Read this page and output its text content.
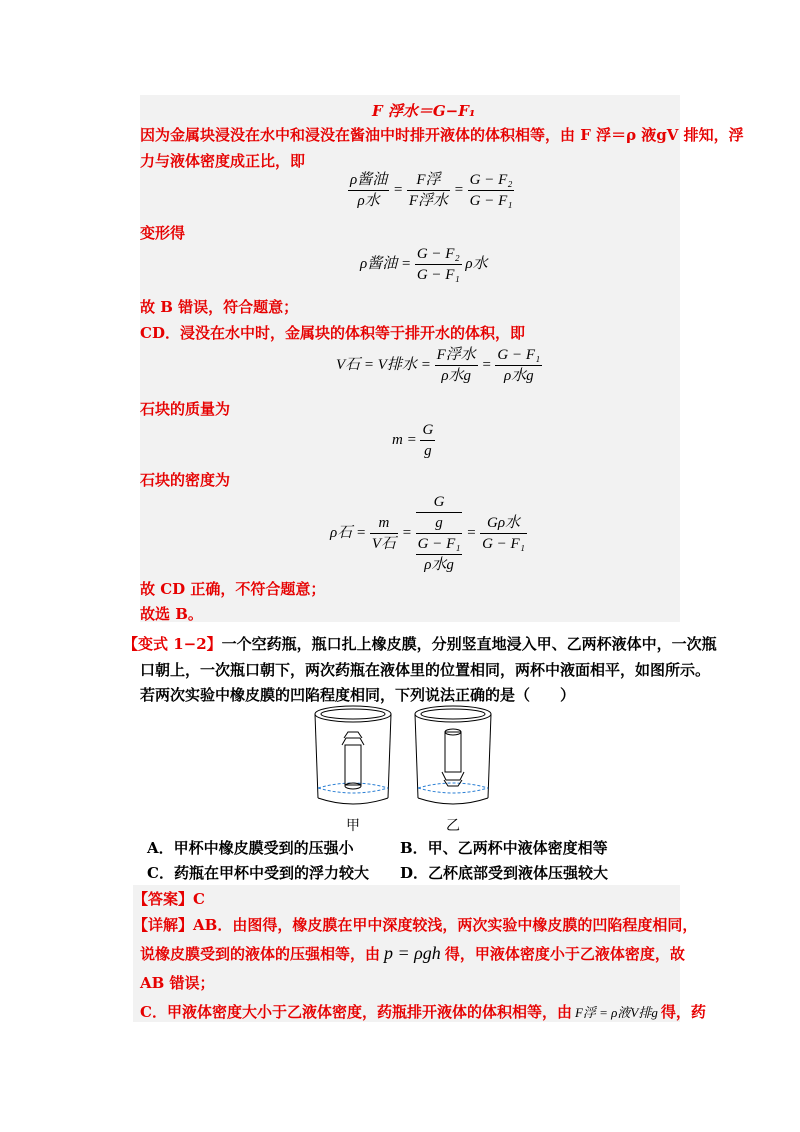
F 浮水＝G−F₁
因为金属块浸没在水中和浸没在酱油中时排开液体的体积相等，由 F 浮＝ρ 液gV 排知，浮
力与液体密度成正比，即
$\frac{\text{ρ酱油}}{\text{ρ水}} = \frac{\text{F浮}}{\text{F浮水}} = \frac{\text{G − F₂}}{\text{G − F₁}}$
变形得
ρ酱油 = $\frac{\text{G − F₂}}{\text{G − F₁}}$ ρ水
故 B 错误，符合题意；
CD．浸没在水中时，金属块的体积等于排开水的体积，即
V石 = V排水 = $\frac{\text{F浮水}}{\text{ρ水g}} = \frac{\text{G − F₁}}{\text{ρ水g}}$
石块的质量为
$m = \frac{G}{g}$
石块的密度为
ρ石 = $\frac{m}{\text{V石}}$ =
G
g
G − F₁
ρ水g
= $\frac{\text{Gρ水}}{\text{G − F₁}}$
故 CD 正确，不符合题意；
故选 B。
【变式 1−2】一个空药瓶，瓶口扎上橡皮膜，分别竖直地浸入甲、乙两杯液体中，一次瓶
口朝上，一次瓶口朝下，两次药瓶在液体里的位置相同，两杯中液面相平，如图所示。
若两次实验中橡皮膜的凹陷程度相同，下列说法正确的是（　　）
甲	乙
A．甲杯中橡皮膜受到的压强小	B．甲、乙两杯中液体密度相等
C．药瓶在甲杯中受到的浮力较大 D．乙杯底部受到液体压强较大
【答案】C
【详解】AB．由图得，橡皮膜在甲中深度较浅，两次实验中橡皮膜的凹陷程度相同，
说橡皮膜受到的液体的压强相等，由 p = ρgh 得，甲液体密度小于乙液体密度，故
AB 错误；
C．甲液体密度大小于乙液体密度，药瓶排开液体的体积相等，由 F浮 = ρ液V排g 得，药
